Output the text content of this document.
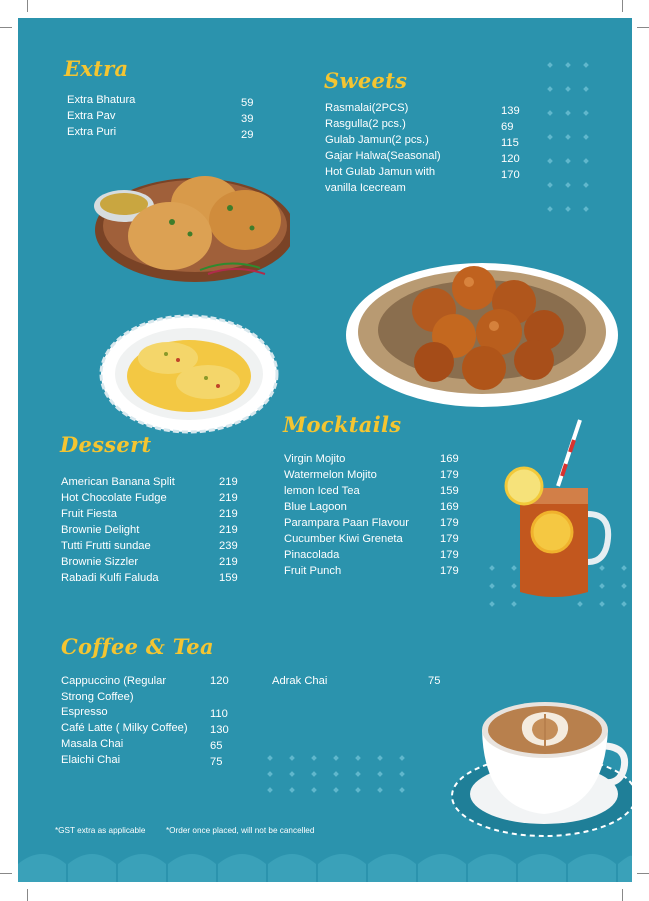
Extra
Extra Bhatura	59
Extra Pav	39
Extra Puri	29
Sweets
Rasmalai(2PCS)	139
Rasgulla(2 pcs.)	69
Gulab Jamun(2 pcs.)	115
Gajar Halwa(Seasonal)	120
Hot Gulab Jamun with vanilla Icecream
170
Dessert
American Banana Split	219
Hot Chocolate Fudge	219
Fruit Fiesta	219
Brownie Delight	219
Tutti Frutti sundae	239
Brownie Sizzler	219
Rabadi Kulfi Faluda	159
Mocktails
Virgin Mojito	169
Watermelon Mojito	179
lemon Iced Tea	159
Blue Lagoon	169
Parampara Paan Flavour	179
Cucumber Kiwi Greneta	179
Pinacolada	179
Fruit Punch	179
Coffee & Tea
Cappuccino (Regular Strong Coffee)
120
Espresso	110
Café Latte ( Milky Coffee) 130
Masala Chai	65
Elaichi Chai	75
Adrak Chai	75
*GST extra as applicable	*Order once placed, will not be cancelled
